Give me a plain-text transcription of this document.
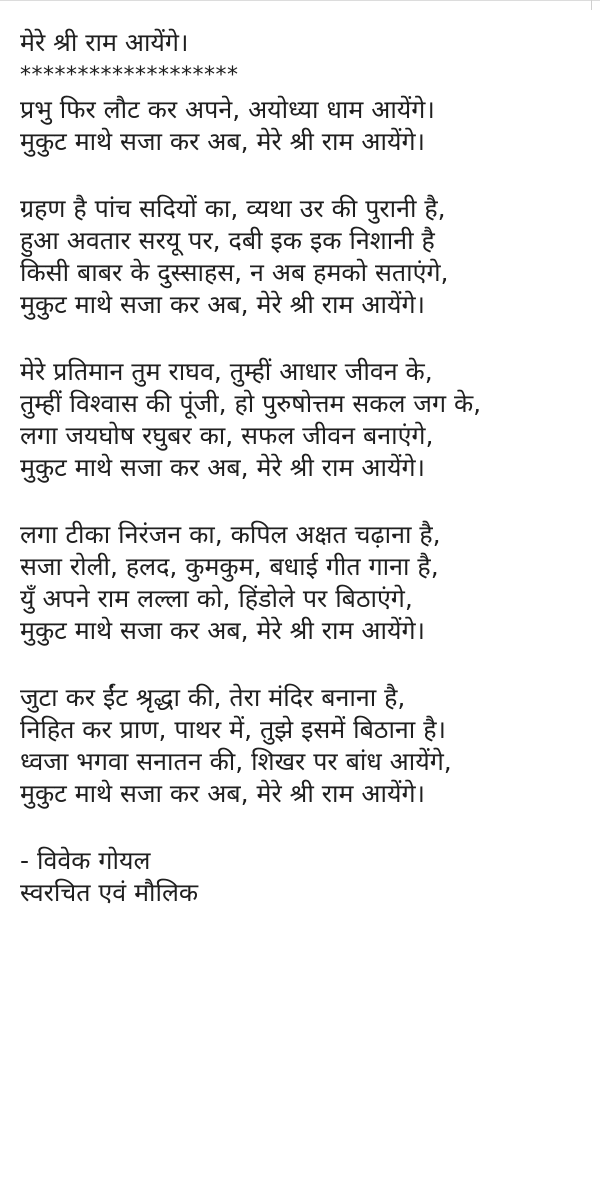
मेरे श्री राम आयेंगे।
*******************
प्रभु फिर लौट कर अपने, अयोध्या धाम आयेंगे।
मुकुट माथे सजा कर अब, मेरे श्री राम आयेंगे।
ग्रहण है पांच सदियों का, व्यथा उर की पुरानी है,
हुआ अवतार सरयू पर, दबी इक इक निशानी है
किसी बाबर के दुस्साहस, न अब हमको सताएंगे,
मुकुट माथे सजा कर अब, मेरे श्री राम आयेंगे।
मेरे प्रतिमान तुम राघव, तुम्हीं आधार जीवन के,
तुम्हीं विश्वास की पूंजी, हो पुरुषोत्तम सकल जग के,
लगा जयघोष रघुबर का, सफल जीवन बनाएंगे,
मुकुट माथे सजा कर अब, मेरे श्री राम आयेंगे।
लगा टीका निरंजन का, कपिल अक्षत चढ़ाना है,
सजा रोली, हलद, कुमकुम, बधाई गीत गाना है,
युँ अपने राम लल्ला को, हिंडोले पर बिठाएंगे,
मुकुट माथे सजा कर अब, मेरे श्री राम आयेंगे।
जुटा कर ईंट श्रृद्धा की, तेरा मंदिर बनाना है,
निहित कर प्राण, पाथर में, तुझे इसमें बिठाना है।
ध्वजा भगवा सनातन की, शिखर पर बांध आयेंगे,
मुकुट माथे सजा कर अब, मेरे श्री राम आयेंगे।
- विवेक गोयल
स्वरचित एवं मौलिक
